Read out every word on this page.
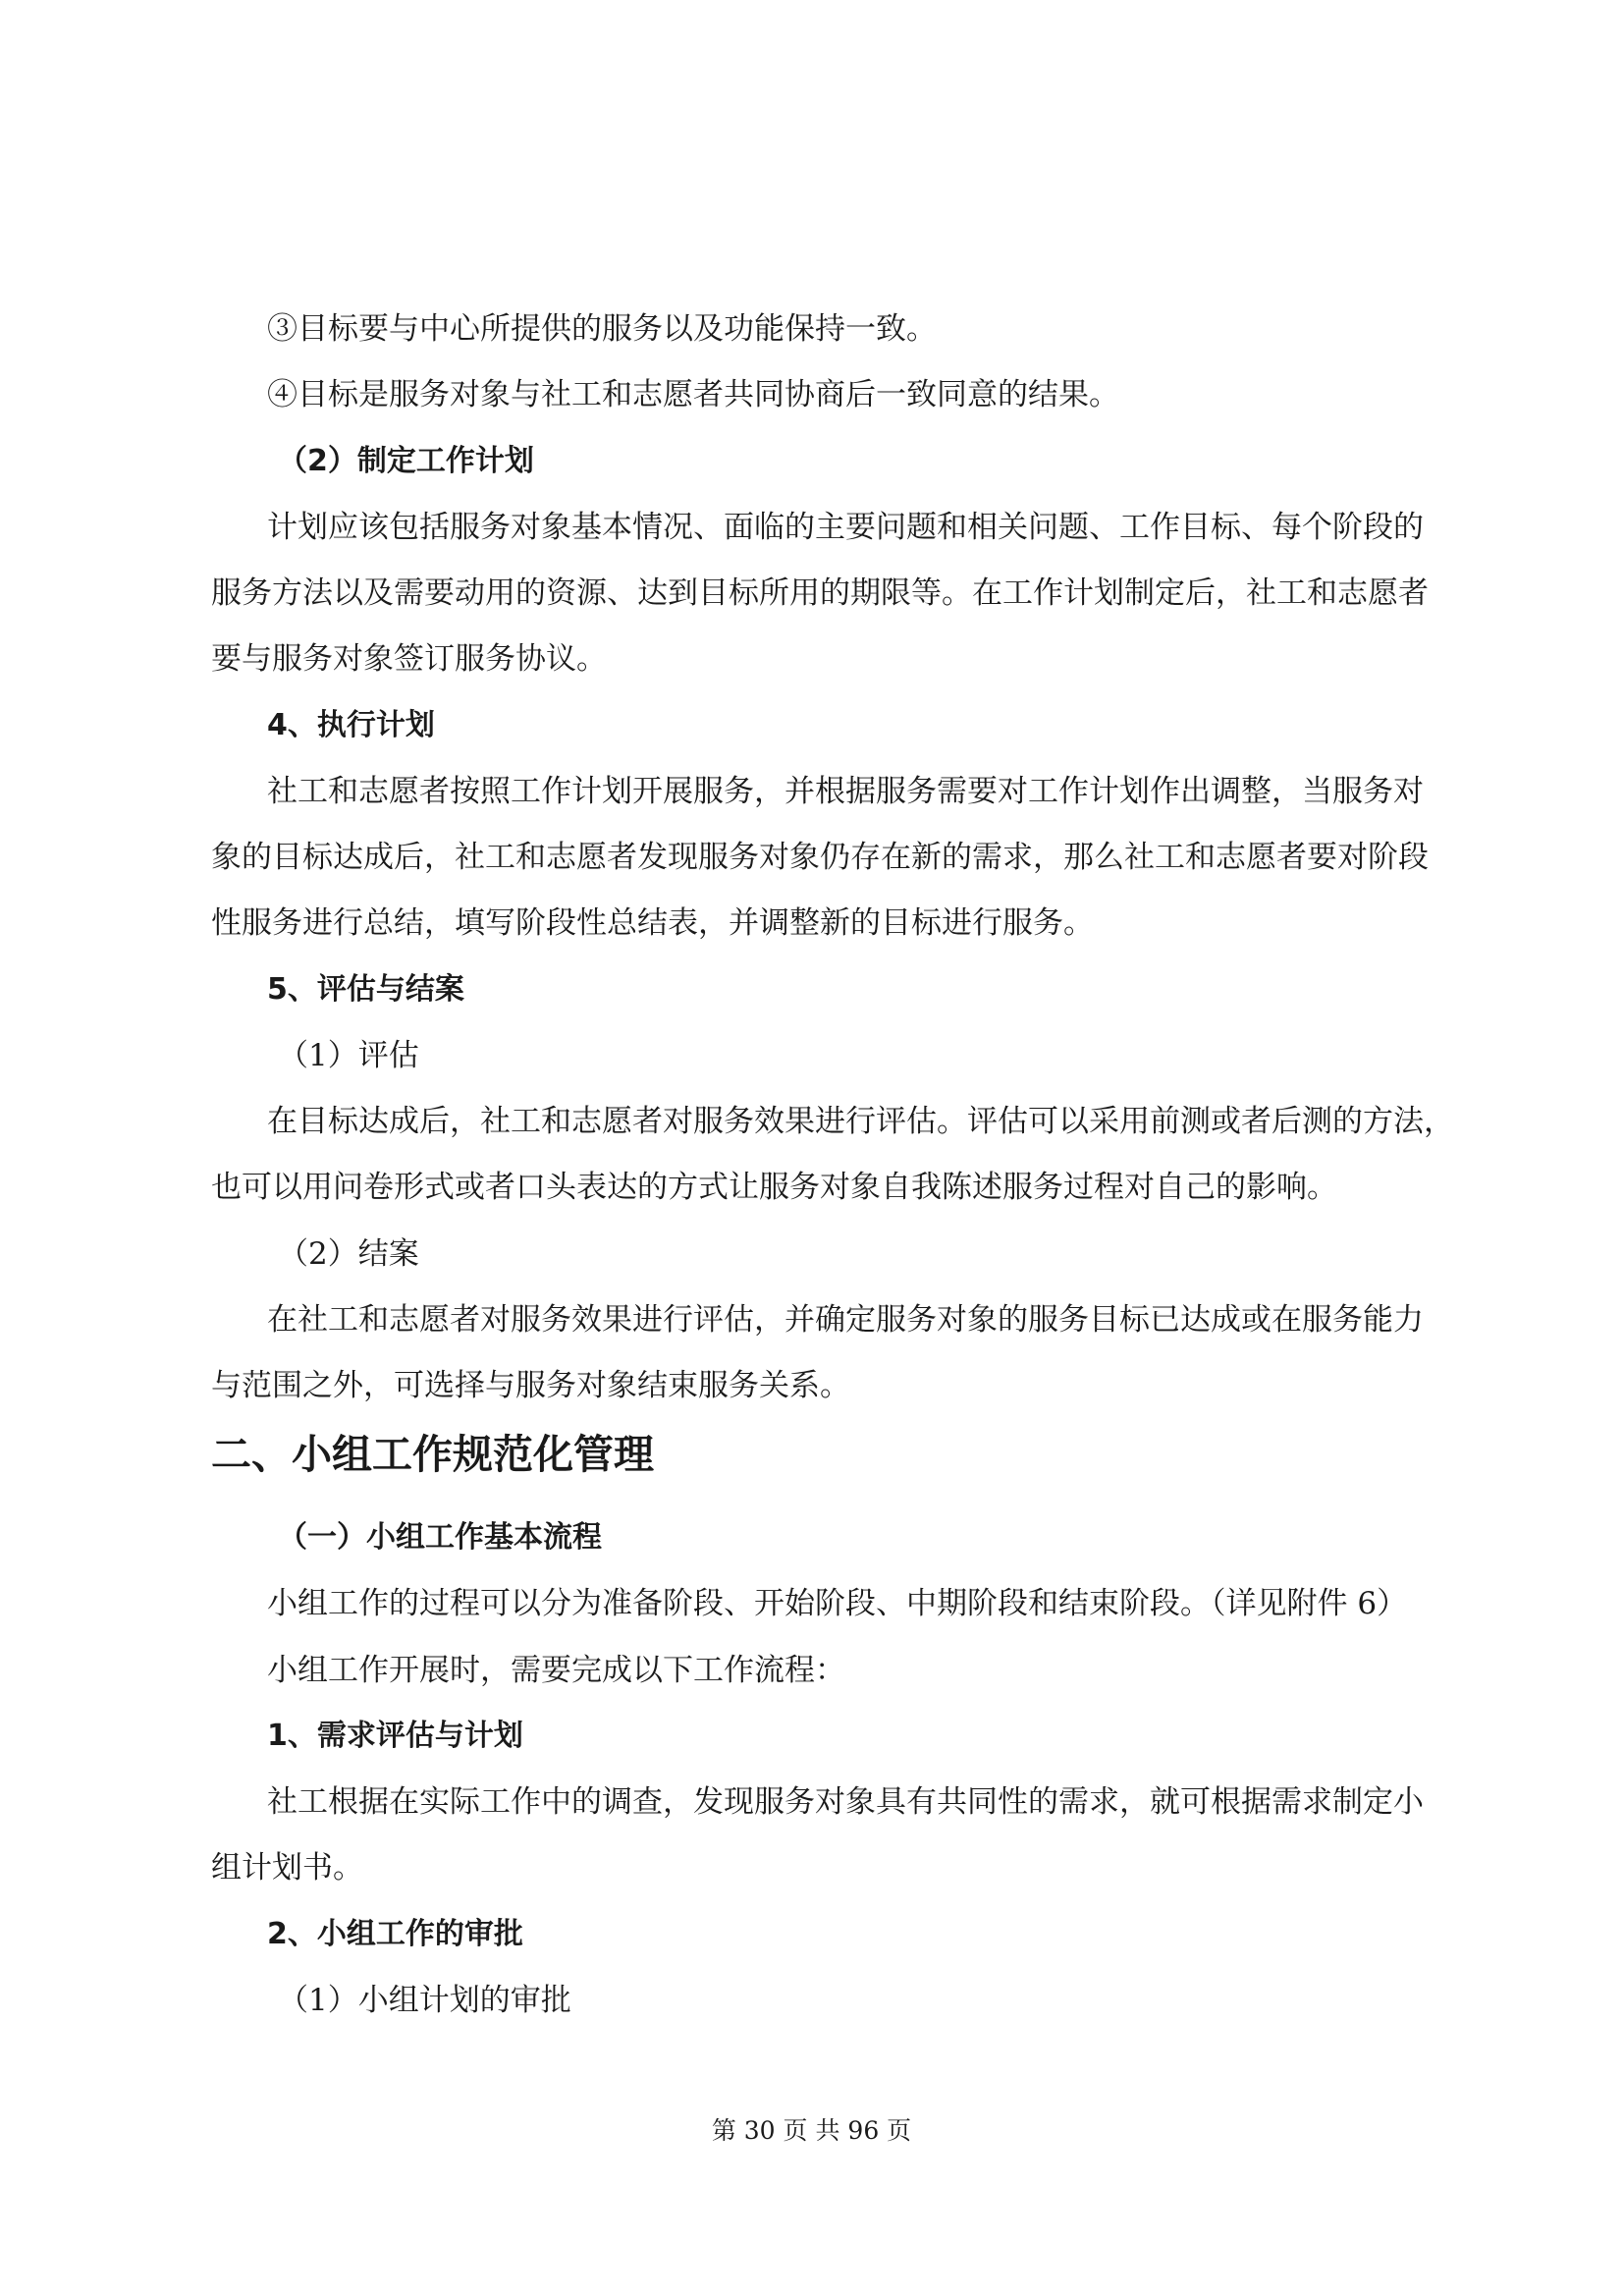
③目标要与中心所提供的服务以及功能保持一致。
④目标是服务对象与社工和志愿者共同协商后一致同意的结果。
（2）制定工作计划
计划应该包括服务对象基本情况、面临的主要问题和相关问题、工作目标、每个阶段的
服务方法以及需要动用的资源、达到目标所用的期限等。在工作计划制定后，社工和志愿者
要与服务对象签订服务协议。
4、执行计划
社工和志愿者按照工作计划开展服务，并根据服务需要对工作计划作出调整，当服务对
象的目标达成后，社工和志愿者发现服务对象仍存在新的需求，那么社工和志愿者要对阶段
性服务进行总结，填写阶段性总结表，并调整新的目标进行服务。
5、评估与结案
（1）评估
在目标达成后，社工和志愿者对服务效果进行评估。评估可以采用前测或者后测的方法，
也可以用问卷形式或者口头表达的方式让服务对象自我陈述服务过程对自己的影响。
（2）结案
在社工和志愿者对服务效果进行评估，并确定服务对象的服务目标已达成或在服务能力
与范围之外，可选择与服务对象结束服务关系。
二、小组工作规范化管理
（一）小组工作基本流程
小组工作的过程可以分为准备阶段、开始阶段、中期阶段和结束阶段。（详见附件 6）
小组工作开展时，需要完成以下工作流程：
1、需求评估与计划
社工根据在实际工作中的调查，发现服务对象具有共同性的需求，就可根据需求制定小
组计划书。
2、小组工作的审批
（1）小组计划的审批
第 30 页 共 96 页
